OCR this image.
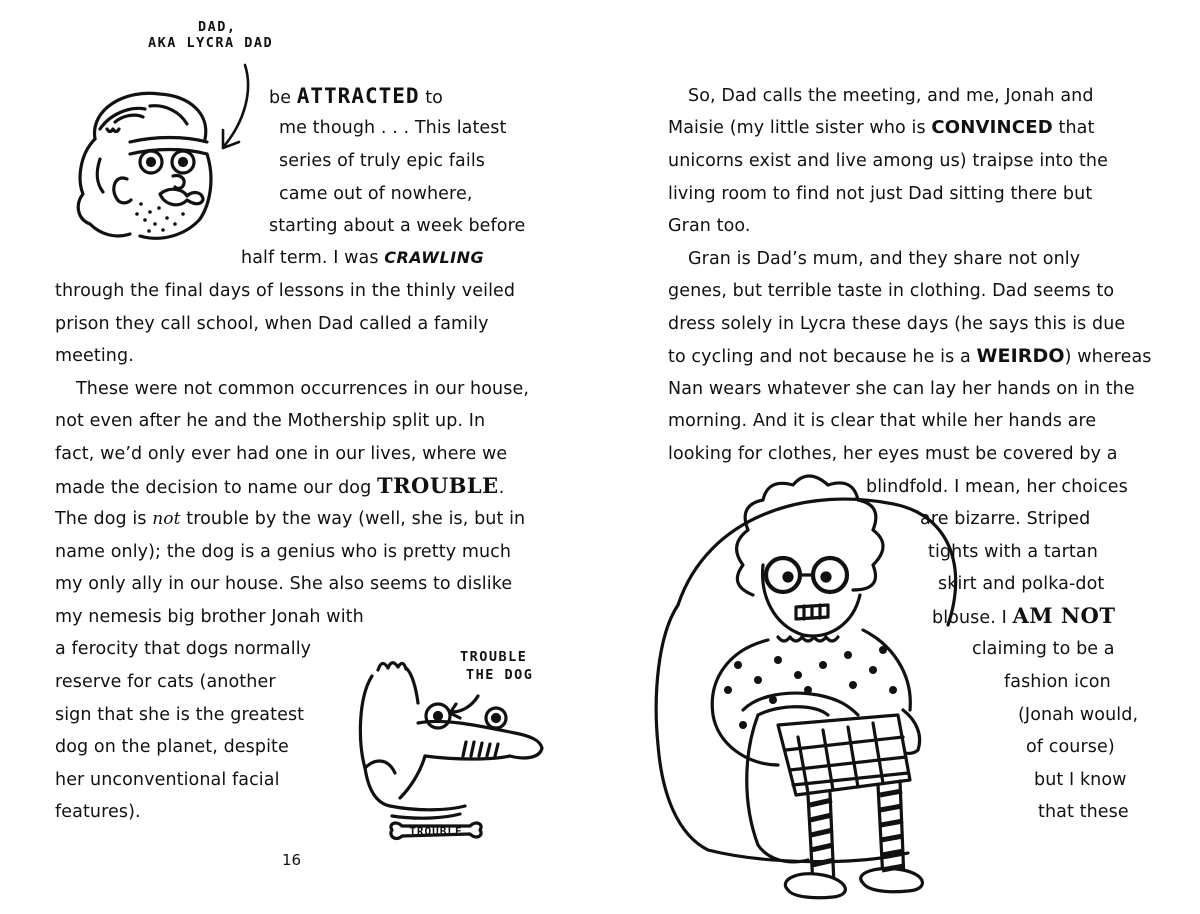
DAD,
AKA LYCRA DAD
be ATTRACTED to
me though . . . This latest
series of truly epic fails
came out of nowhere,
starting about a week before
half term. I was CRAWLING
through the final days of lessons in the thinly veiled
prison they call school, when Dad called a family
meeting.
These were not common occurrences in our house,
not even after he and the Mothership split up. In
fact, we’d only ever had one in our lives, where we
made the decision to name our dog TROUBLE.
The dog is not trouble by the way (well, she is, but in
name only); the dog is a genius who is pretty much
my only ally in our house. She also seems to dislike
my nemesis big brother Jonah with
a ferocity that dogs normally
reserve for cats (another
sign that she is the greatest
dog on the planet, despite
her unconventional facial
features).
TROUBLE
THE DOG
TROUBLE
16
So, Dad calls the meeting, and me, Jonah and
Maisie (my little sister who is CONVINCED that
unicorns exist and live among us) traipse into the
living room to find not just Dad sitting there but
Gran too.
Gran is Dad’s mum, and they share not only
genes, but terrible taste in clothing. Dad seems to
dress solely in Lycra these days (he says this is due
to cycling and not because he is a WEIRDO) whereas
Nan wears whatever she can lay her hands on in the
morning. And it is clear that while her hands are
looking for clothes, her eyes must be covered by a
blindfold. I mean, her choices
are bizarre. Striped
tights with a tartan
skirt and polka-dot
blouse. I AM NOT
claiming to be a
fashion icon
(Jonah would,
of course)
but I know
that these
